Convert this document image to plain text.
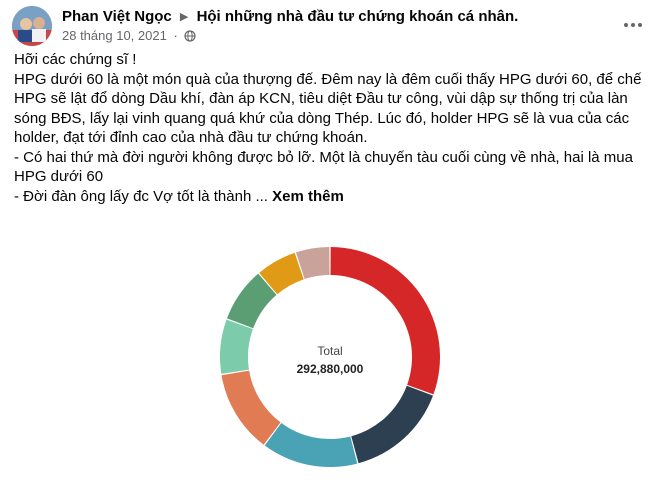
Phan Việt Ngọc ▶ Hội những nhà đầu tư chứng khoán cá nhân.
28 tháng 10, 2021 ·

Hỡi các chứng sĩ !

HPG dưới 60 là một món quà của thượng đế. Đêm nay là đêm cuối thấy HPG dưới 60, để chế HPG sẽ lật đổ dòng Dầu khí, đàn áp KCN, tiêu diệt Đầu tư công, vùi dập sự thống trị của làn sóng BĐS, lấy lại vinh quang quá khứ của dòng Thép. Lúc đó, holder HPG sẽ là vua của các holder, đạt tới đỉnh cao của nhà đầu tư chứng khoán.

- Có hai thứ mà đời người không được bỏ lỡ. Một là chuyến tàu cuối cùng về nhà, hai là mua HPG dưới 60

- Đời đàn ông lấy đc Vợ tốt là thành ... Xem thêm

Total
292,880,000
